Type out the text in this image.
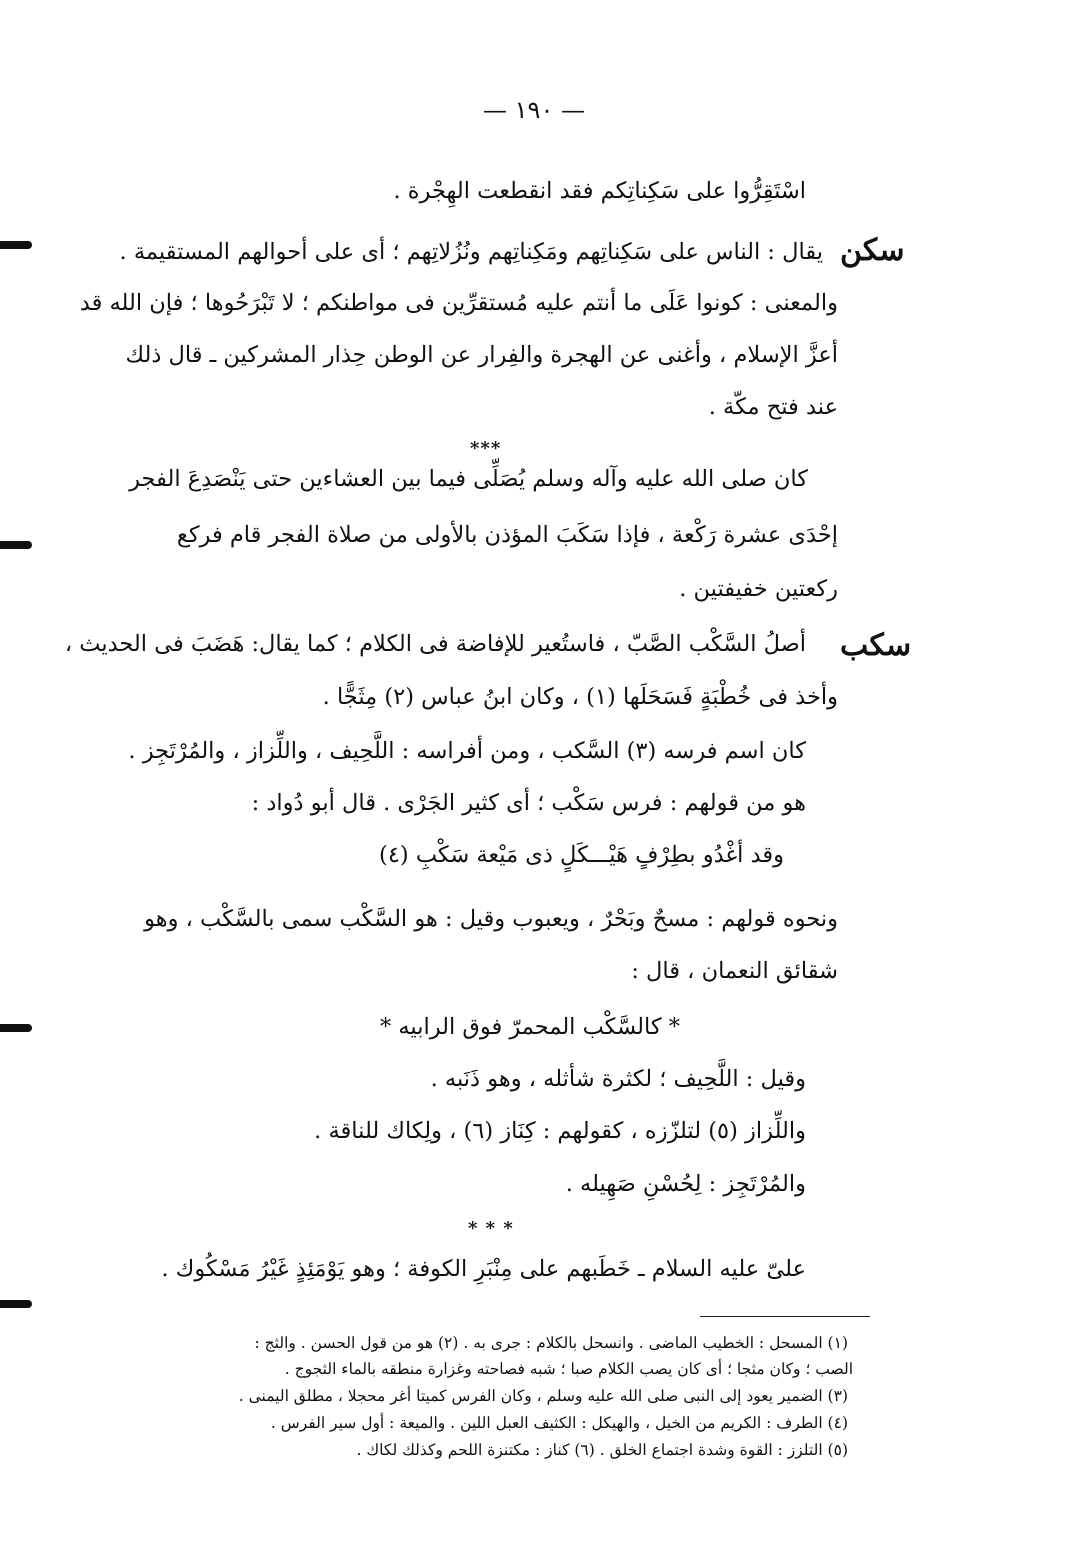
— ١٩٠ —
اسْتَقِرُّوا على سَكِناتِكم فقد انقطعت الهِجْرة .
سكن
يقال : الناس على سَكِناتِهم ومَكِناتِهم ونُزُلاتِهم ؛ أى على أحوالهم المستقيمة .
والمعنى : كونوا عَلَى ما أنتم عليه مُستقرِّين فى مواطنكم ؛ لا تَبْرَحُوها ؛ فإن الله قد
أعزَّ الإسلام ، وأغنى عن الهجرة والفِرار عن الوطن حِذار المشركين ـ قال ذلك
عند فتح مكّة .
***
كان صلى الله عليه وآله وسلم يُصَلِّى فيما بين العشاءين حتى يَنْصَدِعَ الفجر
إحْدَى عشرة رَكْعة ، فإذا سَكَبَ المؤذن بالأولى من صلاة الفجر قام فركع
ركعتين خفيفتين .
سكب
أصلُ السَّكْب الصَّبّ ، فاستُعير للإفاضة فى الكلام ؛ كما يقال: هَضَبَ فى الحديث ،
وأخذ فى خُطْبَةٍ فَسَحَلَها (١) ، وكان ابنُ عباس (٢) مِثَجًّا .
كان اسم فرسه (٣) السَّكب ، ومن أفراسه : اللَّحِيف ، واللِّزاز ، والمُرْتَجِز .
هو من قولهم : فرس سَكْب ؛ أى كثير الجَرْى . قال أبو دُواد :
وقد أغْدُو بطِرْفٍ هَيْـــكَلٍ ذى مَيْعة سَكْبِ (٤)
ونحوه قولهم : مسحٌ وبَحْرٌ ، ويعبوب وقيل : هو السَّكْب سمى بالسَّكْب ، وهو
شقائق النعمان ، قال :
* كالسَّكْب المحمرّ فوق الرابيه *
وقيل : اللَّحِيف ؛ لكثرة شأثله ، وهو ذَنَبه .
واللِّزاز (٥) لتلزّزه ، كقولهم : كِنَاز (٦) ، ولِكاك للناقة .
والمُرْتَجِز : لِحُسْنِ صَهِيله .
* * *
علىّ عليه السلام ـ خَطَبهم على مِنْبَرِ الكوفة ؛ وهو يَوْمَئِذٍ غَيْرُ مَسْكُوك .
(١) المسحل : الخطيب الماضى . وانسحل بالكلام : جرى به . (٢) هو من قول الحسن . والثج :
الصب ؛ وكان مثجا ؛ أى كان يصب الكلام صبا ؛ شبه فصاحته وغزارة منطقه بالماء الثجوج .
(٣) الضمير يعود إلى النبى صلى الله عليه وسلم ، وكان الفرس كميتا أغر محجلا ، مطلق اليمنى .
(٤) الطرف : الكريم من الخيل ، والهيكل : الكثيف العبل اللين . والميعة : أول سير الفرس .
(٥) التلزز : القوة وشدة اجتماع الخلق . (٦) كناز : مكتنزة اللحم وكذلك لكاك .
